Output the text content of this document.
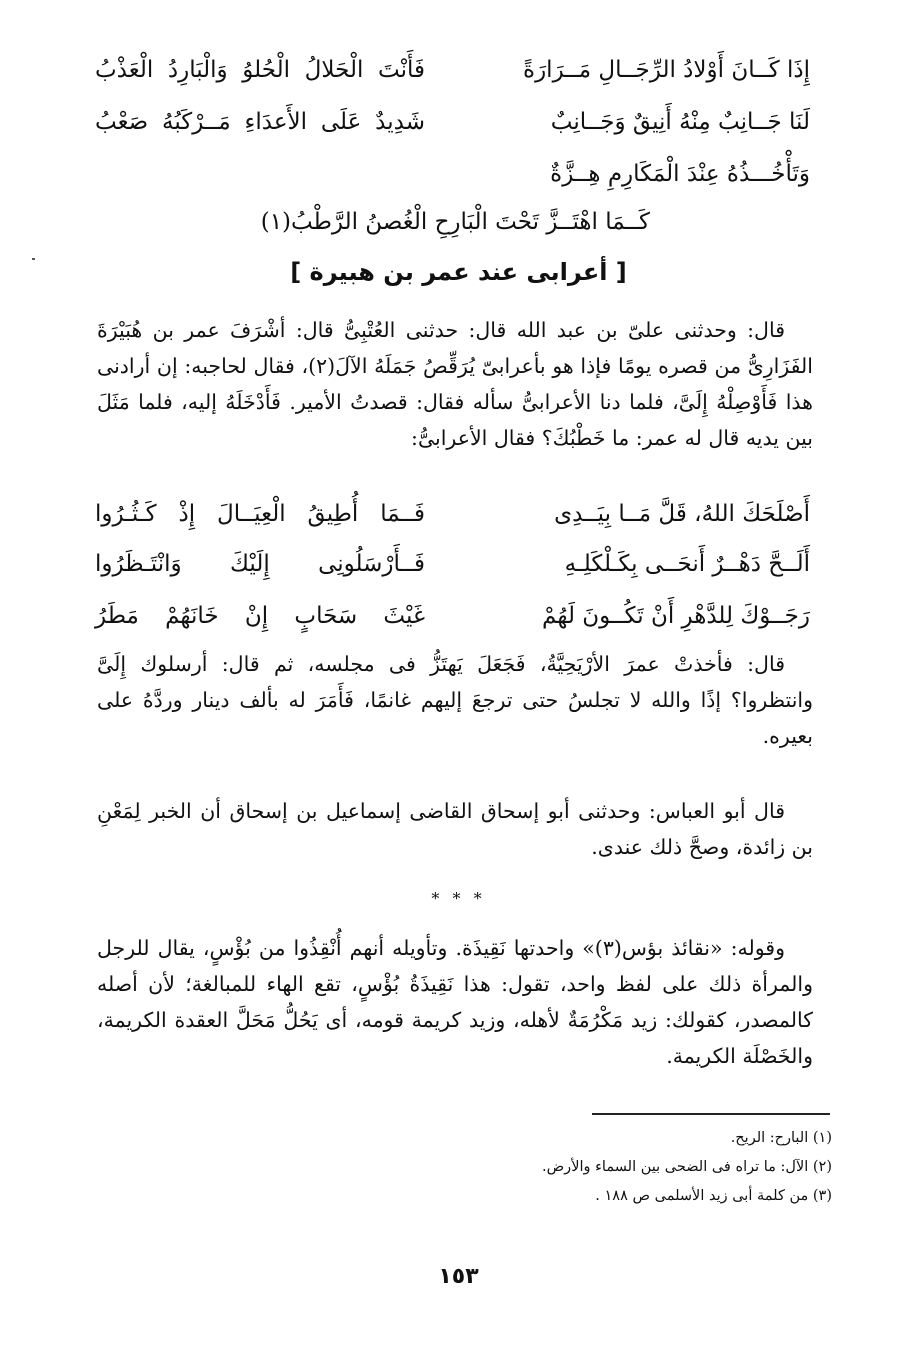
إِذَا كَــانَ أَوْلادُ الرِّجَــالِ مَــرَارَةً
فَأَنْتَ الْحَلالُ الْحُلوُ وَالْبَارِدُ الْعَذْبُ
لَنَا جَــانِبٌ مِنْهُ أَنِيقٌ وَجَــانِبٌ
شَدِيدٌ عَلَى الأَعدَاءِ مَــرْكَبُهُ صَعْبُ
وَتَأْخُـــذُهُ عِنْدَ الْمَكَارِمِ هِــزَّةٌ
كَــمَا اهْتَــزَّ تَحْتَ الْبَارِحِ الْغُصنُ الرَّطْبُ(١)
[ أعرابى عند عمر بن هبيرة ]

قال: وحدثنى علىّ بن عبد الله قال: حدثنى العُتْبِىُّ قال: أشْرَفَ عمر بن هُبَيْرَةَ الفَزَارِىُّ من قصره يومًا فإذا هو بأعرابىّ يُرَقِّصُ جَمَلَهُ الآلَ(٢)، فقال لحاجبه: إن أرادنى هذا فَأَوْصِلْهُ إِلَىَّ، فلما دنا الأعرابىُّ سأله فقال: قصدتُ الأمير. فَأَدْخَلَهُ إليه، فلما مَثَلَ بين يديه قال له عمر: ما خَطْبُكَ؟ فقال الأعرابىُّ:

أَصْلَحَكَ اللهُ، قَلَّ مَــا بِيَــدِى
فَــمَا أُطِيقُ الْعِيَــالَ إِذْ كَـثُـرُوا
أَلَــحَّ دَهْــرٌ أَنحَــى بِكَـلْكَلِـهِ
فَــأَرْسَلُونِى إِلَيْكَ وَانْتَـظَرُوا
رَجَــوْكَ لِلدَّهْرِ أَنْ تَكُــونَ لَهُمْ
غَيْثَ سَحَابٍ إِنْ خَانَهُمْ مَطَرُ

قال: فأخذتْ عمرَ الأرْيَحِيَّةُ، فَجَعَلَ يَهتَزُّ فى مجلسه، ثم قال: أرسلوك إِلَىَّ وانتظروا؟ إذًا والله لا تجلسُ حتى ترجعَ إليهم غانمًا، فَأَمَرَ له بألف دينار وردَّهُ على بعيره.

قال أبو العباس: وحدثنى أبو إسحاق القاضى إسماعيل بن إسحاق أن الخبر لِمَعْنِ بن زائدة، وصحَّ ذلك عندى.

* * *

وقوله: «نقائذ بؤس(٣)» واحدتها نَقِيذَة. وتأويله أنهم أُنْقِذُوا من بُؤْسٍ، يقال للرجل والمرأة ذلك على لفظ واحد، تقول: هذا نَقِيذَةُ بُؤْسٍ، تقع الهاء للمبالغة؛ لأن أصله كالمصدر، كقولك: زيد مَكْرُمَةٌ لأهله، وزيد كريمة قومه، أى يَحُلُّ مَحَلَّ العقدة الكريمة، والخَصْلَة الكريمة.

(١) البارح: الريح.
(٢) الآل: ما تراه فى الضحى بين السماء والأرض.
(٣) من كلمة أبى زيد الأسلمى ص ١٨٨ .
١٥٣
